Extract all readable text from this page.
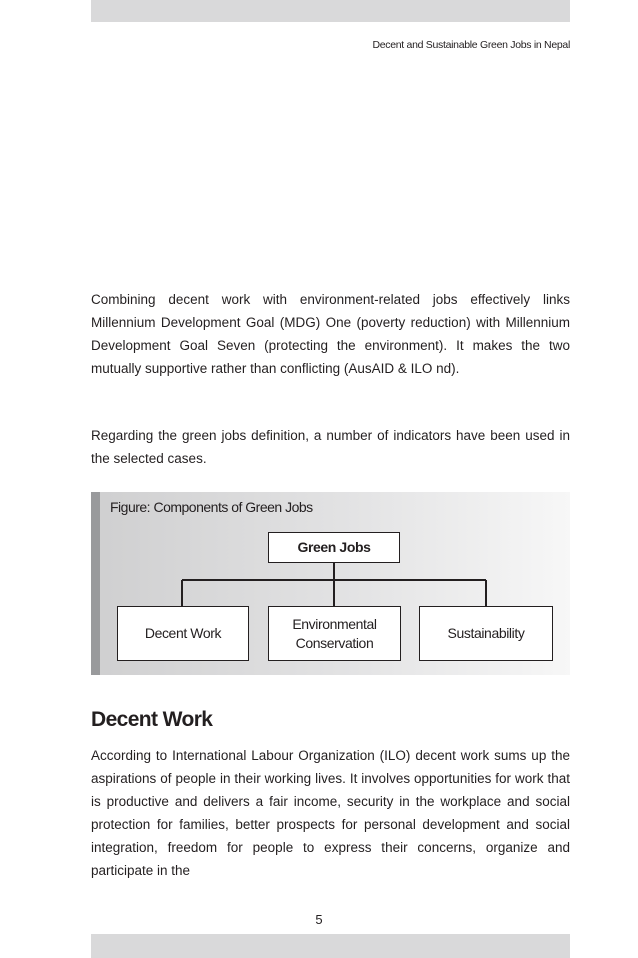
Decent and Sustainable Green Jobs in Nepal

Combining decent work with environment-related jobs effectively links Millennium Development Goal (MDG) One (poverty reduction) with Millennium Development Goal Seven (protecting the environment). It makes the two mutually supportive rather than conflicting (AusAID & ILO nd).

Regarding the green jobs definition, a number of indicators have been used in the selected cases.

Figure: Components of Green Jobs
Green Jobs
Decent Work
Environmental Conservation
Sustainability
Decent Work

According to International Labour Organization (ILO) decent work sums up the aspirations of people in their working lives. It involves opportunities for work that is productive and delivers a fair income, security in the workplace and social protection for families, better prospects for personal development and social integration, freedom for people to express their concerns, organize and participate in the

5
